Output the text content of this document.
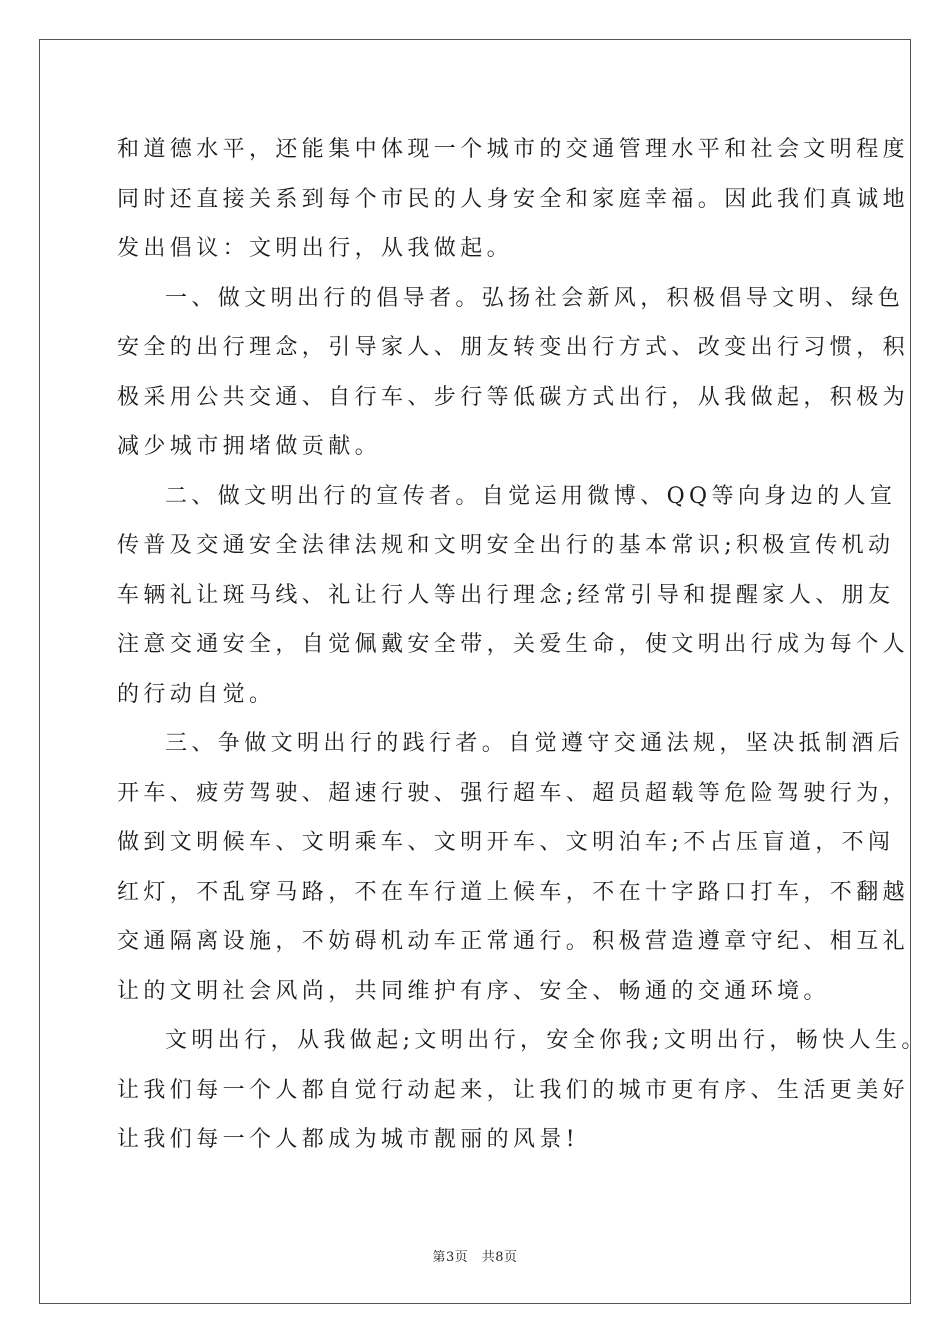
和道德水平，还能集中体现一个城市的交通管理水平和社会文明程度

同时还直接关系到每个市民的人身安全和家庭幸福。因此我们真诚地

发出倡议：文明出行，从我做起。

一、做文明出行的倡导者。弘扬社会新风，积极倡导文明、绿色

安全的出行理念，引导家人、朋友转变出行方式、改变出行习惯，积

极采用公共交通、自行车、步行等低碳方式出行，从我做起，积极为

减少城市拥堵做贡献。

二、做文明出行的宣传者。自觉运用微博、QQ等向身边的人宣

传普及交通安全法律法规和文明安全出行的基本常识;积极宣传机动

车辆礼让斑马线、礼让行人等出行理念;经常引导和提醒家人、朋友

注意交通安全，自觉佩戴安全带，关爱生命，使文明出行成为每个人

的行动自觉。

三、争做文明出行的践行者。自觉遵守交通法规，坚决抵制酒后

开车、疲劳驾驶、超速行驶、强行超车、超员超载等危险驾驶行为，

做到文明候车、文明乘车、文明开车、文明泊车;不占压盲道，不闯

红灯，不乱穿马路，不在车行道上候车，不在十字路口打车，不翻越

交通隔离设施，不妨碍机动车正常通行。积极营造遵章守纪、相互礼

让的文明社会风尚，共同维护有序、安全、畅通的交通环境。

文明出行，从我做起;文明出行，安全你我;文明出行，畅快人生。

让我们每一个人都自觉行动起来，让我们的城市更有序、生活更美好

让我们每一个人都成为城市靓丽的风景!

第3页　共8页
